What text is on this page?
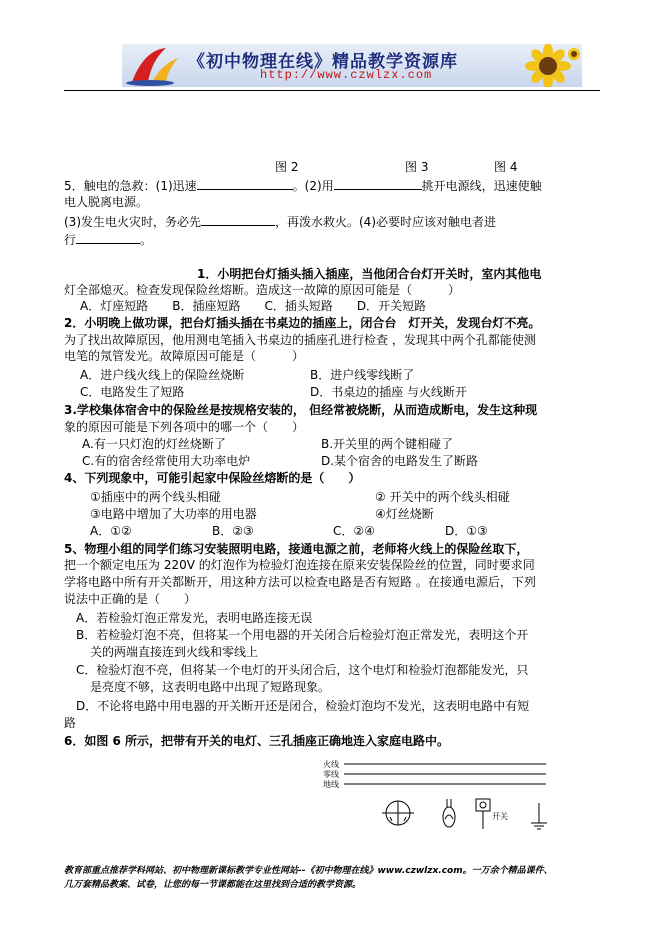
《初中物理在线》精品教学资源库
http://www.czwlzx.com
图 2	图 3	图 4
5．触电的急救：(1)迅速	。(2)用	挑开电源线，迅速使触
电人脱离电源。
(3)发生电火灾时，务必先	，再泼水救火。(4)必要时应该对触电者进
行	。
1．小明把台灯插头插入插座，当他闭合台灯开关时，室内其他电
灯全部熄灭。检查发现保险丝熔断。造成这一故障的原因可能是（　　　）
A．灯座短路　　B．插座短路　　C．插头短路　　D．开关短路
2．小明晚上做功课，把台灯插头插在书桌边的插座上，闭合台　灯开关，发现台灯不亮。
为了找出故障原因，他用测电笔插入书桌边的插座孔进行检查 ，发现其中两个孔都能使测
电笔的氖管发光。故障原因可能是（　　　）
A．进户线火线上的保险丝烧断	B．进户线零线断了
C．电路发生了短路	D．书桌边的插座 与火线断开
3.学校集体宿舍中的保险丝是按规格安装的， 但经常被烧断，从而造成断电，发生这种现
象的原因可能是下列各项中的哪一个（　　）
A.有一只灯泡的灯丝烧断了	B.开关里的两个键相碰了
C.有的宿舍经常使用大功率电炉	D.某个宿舍的电路发生了断路
4、下列现象中，可能引起家中保险丝熔断的是（　　）
①插座中的两个线头相碰	② 开关中的两个线头相碰
③电路中增加了大功率的用电器	④灯丝烧断
A．①②	B．②③	C．②④	D．①③
5、物理小组的同学们练习安装照明电路，接通电源之前，老师将火线上的保险丝取下，
把一个额定电压为 220V 的灯泡作为检验灯泡连接在原来安装保险丝的位置，同时要求同
学将电路中所有开关都断开，用这种方法可以检查电路是否有短路 。在接通电源后，下列
说法中正确的是（　　）
A．若检验灯泡正常发光，表明电路连接无误
B．若检验灯泡不亮，但将某一个用电器的开关闭合后检验灯泡正常发光，表明这个开
关的两端直接连到火线和零线上
C．检验灯泡不亮，但将某一个电灯的开头闭合后，这个电灯和检验灯泡都能发光，只
是亮度不够，这表明电路中出现了短路现象。
D．不论将电路中用电器的开关断开还是闭合，检验灯泡均不发光，这表明电路中有短
路
6．如图 6 所示，把带有开关的电灯、三孔插座正确地连入家庭电路中。
火线
零线
地线
开关
教育部重点推荐学科网站、初中物理新课标教学专业性网站--《初中物理在线》www.czwlzx.com。一万余个精品课件、
几万套精品教案、试卷，让您的每一节课都能在这里找到合适的教学资源。
